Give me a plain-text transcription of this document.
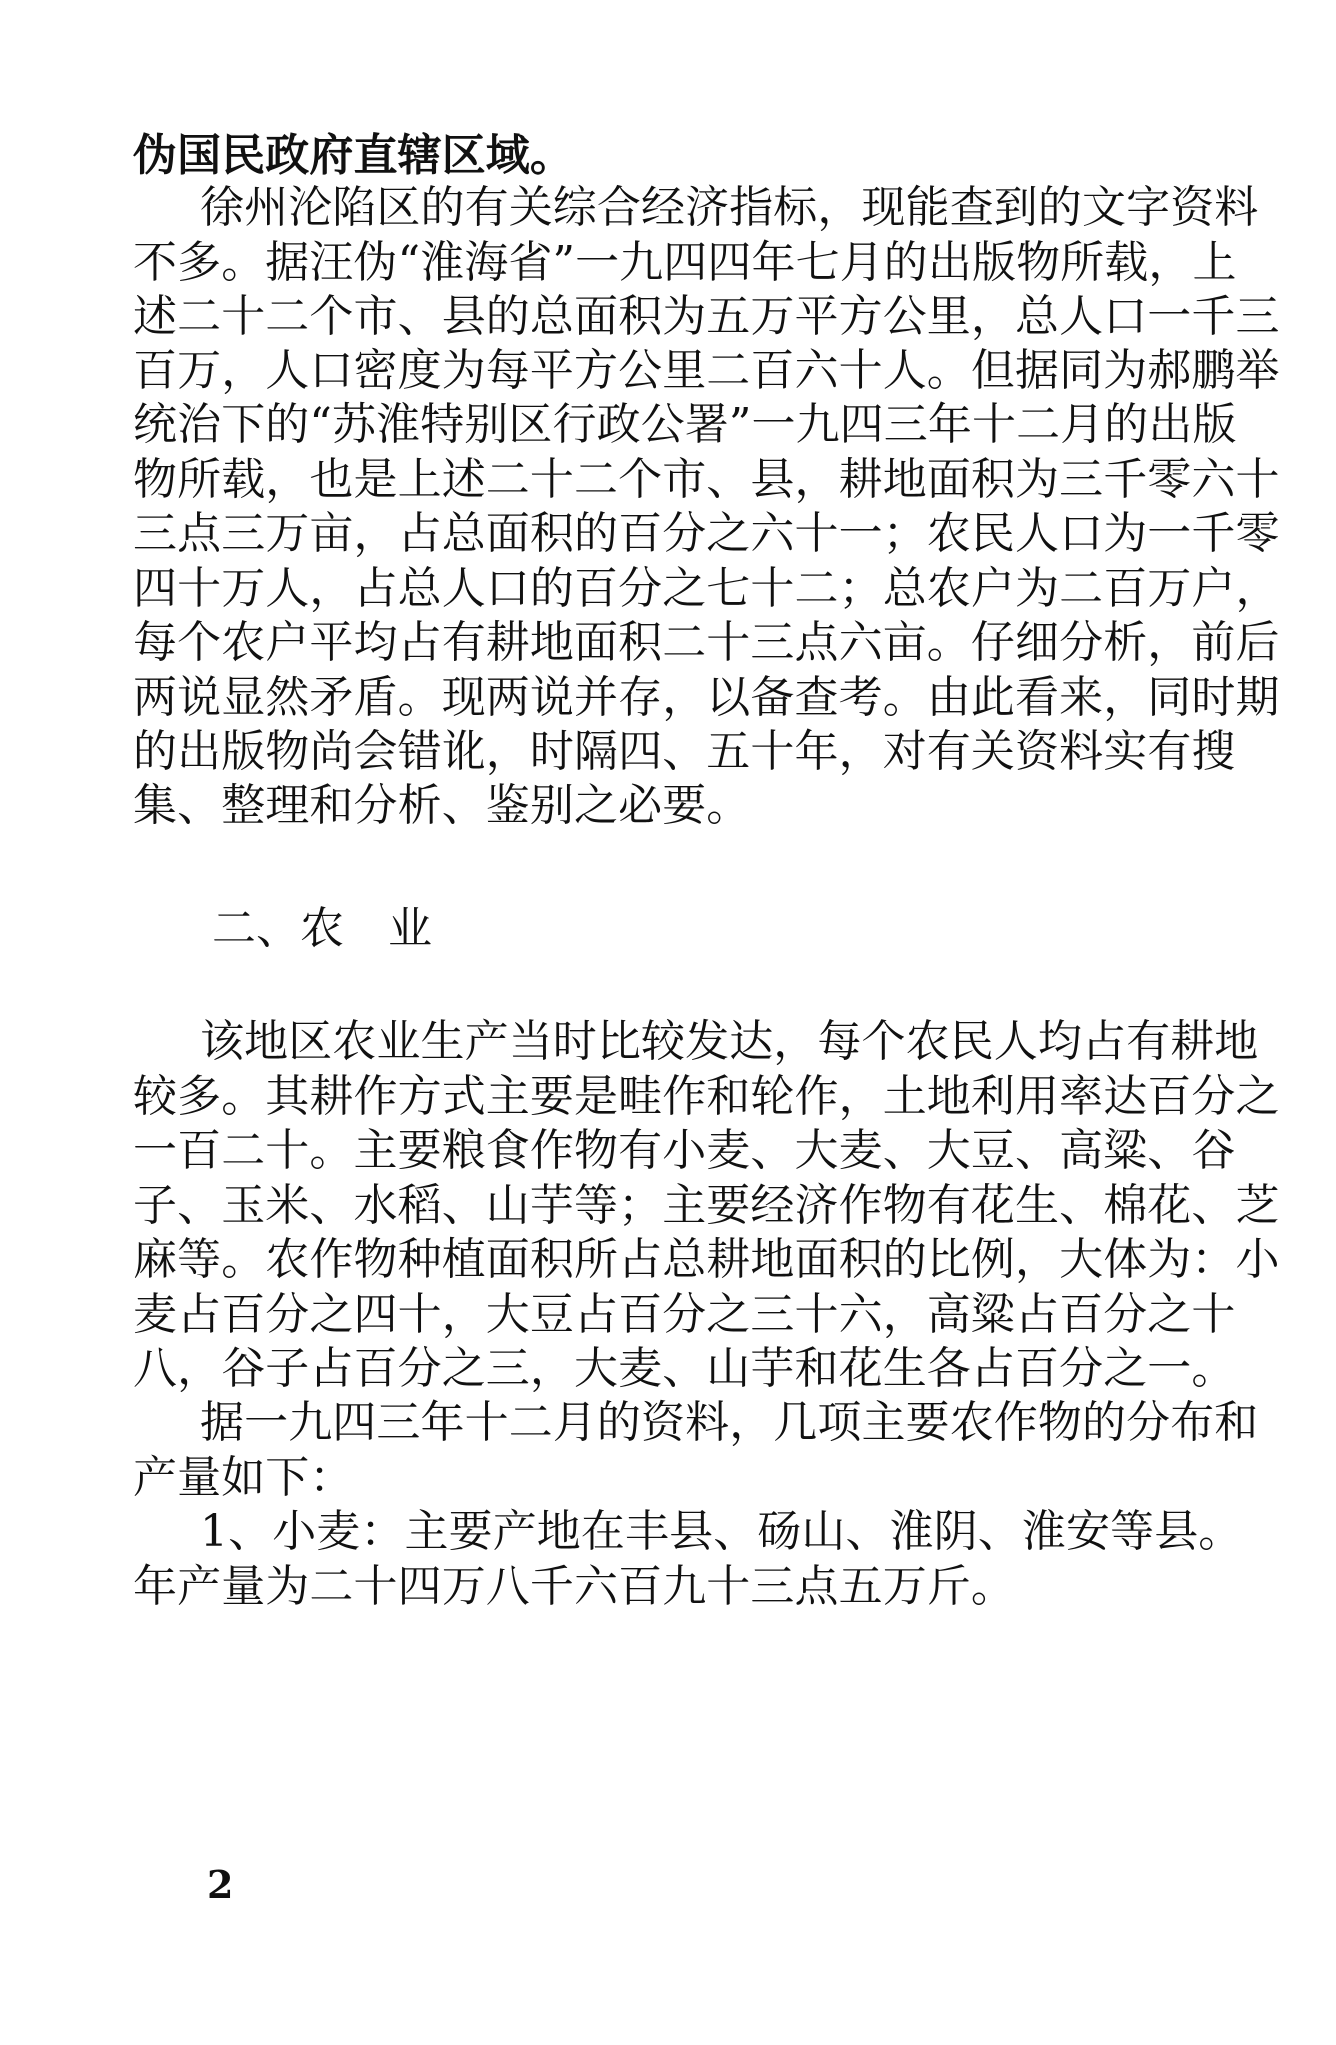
伪国民政府直辖区域。
徐州沦陷区的有关综合经济指标，现能查到的文字资料
不多。据汪伪“淮海省”一九四四年七月的出版物所载，上
述二十二个市、县的总面积为五万平方公里，总人口一千三
百万，人口密度为每平方公里二百六十人。但据同为郝鹏举
统治下的“苏淮特别区行政公署”一九四三年十二月的出版
物所载，也是上述二十二个市、县，耕地面积为三千零六十
三点三万亩，占总面积的百分之六十一；农民人口为一千零
四十万人，占总人口的百分之七十二；总农户为二百万户，
每个农户平均占有耕地面积二十三点六亩。仔细分析，前后
两说显然矛盾。现两说并存，以备查考。由此看来，同时期
的出版物尚会错讹，时隔四、五十年，对有关资料实有搜
集、整理和分析、鉴别之必要。
二、农　业
该地区农业生产当时比较发达，每个农民人均占有耕地
较多。其耕作方式主要是畦作和轮作，土地利用率达百分之
一百二十。主要粮食作物有小麦、大麦、大豆、高粱、谷
子、玉米、水稻、山芋等；主要经济作物有花生、棉花、芝
麻等。农作物种植面积所占总耕地面积的比例，大体为：小
麦占百分之四十，大豆占百分之三十六，高粱占百分之十
八，谷子占百分之三，大麦、山芋和花生各占百分之一。
据一九四三年十二月的资料，几项主要农作物的分布和
产量如下：
1、小麦：主要产地在丰县、砀山、淮阴、淮安等县。
年产量为二十四万八千六百九十三点五万斤。
2
